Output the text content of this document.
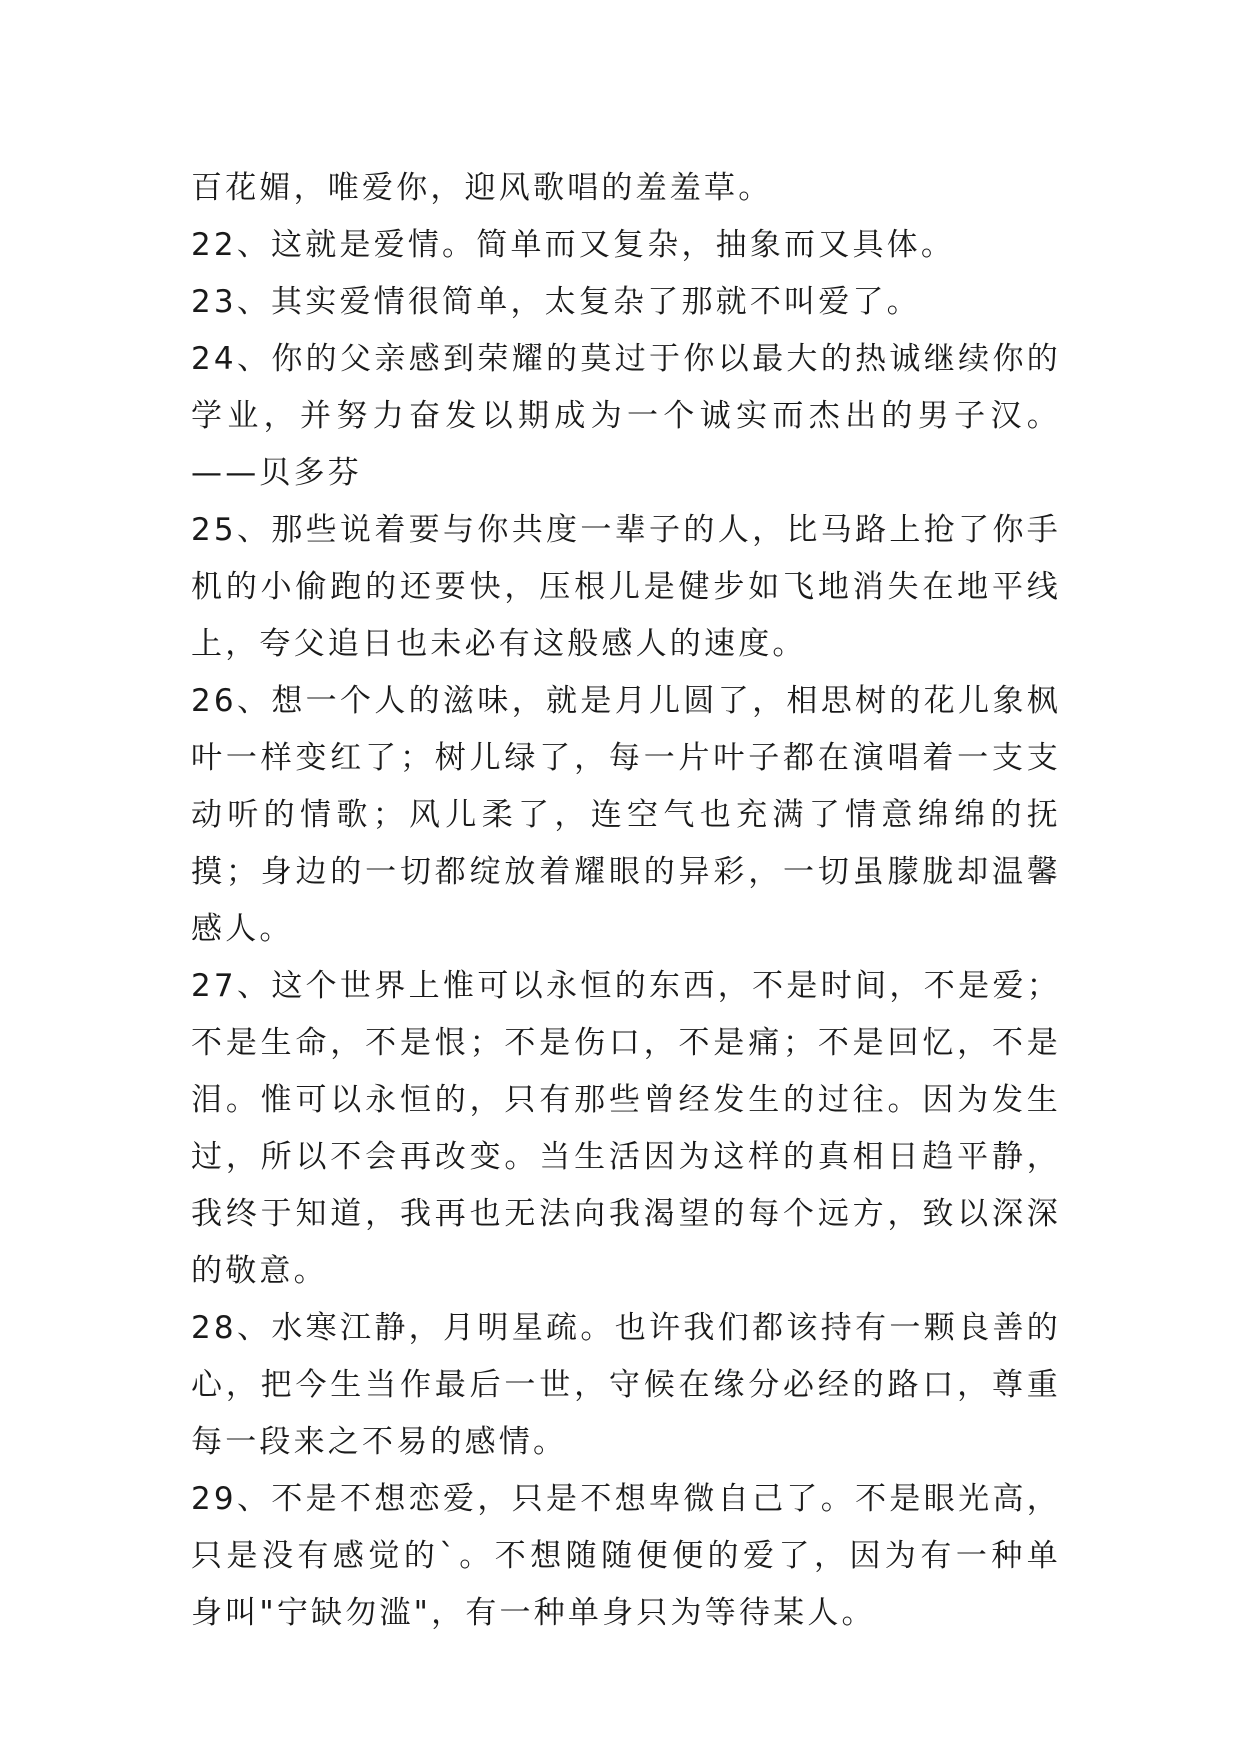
百花媚，唯爱你，迎风歌唱的羞羞草。

22、这就是爱情。简单而又复杂，抽象而又具体。

23、其实爱情很简单，太复杂了那就不叫爱了。

24、你的父亲感到荣耀的莫过于你以最大的热诚继续你的学业，并努力奋发以期成为一个诚实而杰出的男子汉。 ——贝多芬

25、那些说着要与你共度一辈子的人，比马路上抢了你手机的小偷跑的还要快，压根儿是健步如飞地消失在地平线上，夸父追日也未必有这般感人的速度。

26、想一个人的滋味，就是月儿圆了，相思树的花儿象枫叶一样变红了；树儿绿了，每一片叶子都在演唱着一支支动听的情歌；风儿柔了，连空气也充满了情意绵绵的抚摸；身边的一切都绽放着耀眼的异彩，一切虽朦胧却温馨感人。

27、这个世界上惟可以永恒的东西，不是时间，不是爱；不是生命，不是恨；不是伤口，不是痛；不是回忆，不是泪。惟可以永恒的，只有那些曾经发生的过往。因为发生过，所以不会再改变。当生活因为这样的真相日趋平静，我终于知道，我再也无法向我渴望的每个远方，致以深深的敬意。

28、水寒江静，月明星疏。也许我们都该持有一颗良善的心，把今生当作最后一世，守候在缘分必经的路口，尊重每一段来之不易的感情。

29、不是不想恋爱，只是不想卑微自己了。不是眼光高，只是没有感觉的`。不想随随便便的爱了，因为有一种单身叫"宁缺勿滥"，有一种单身只为等待某人。
